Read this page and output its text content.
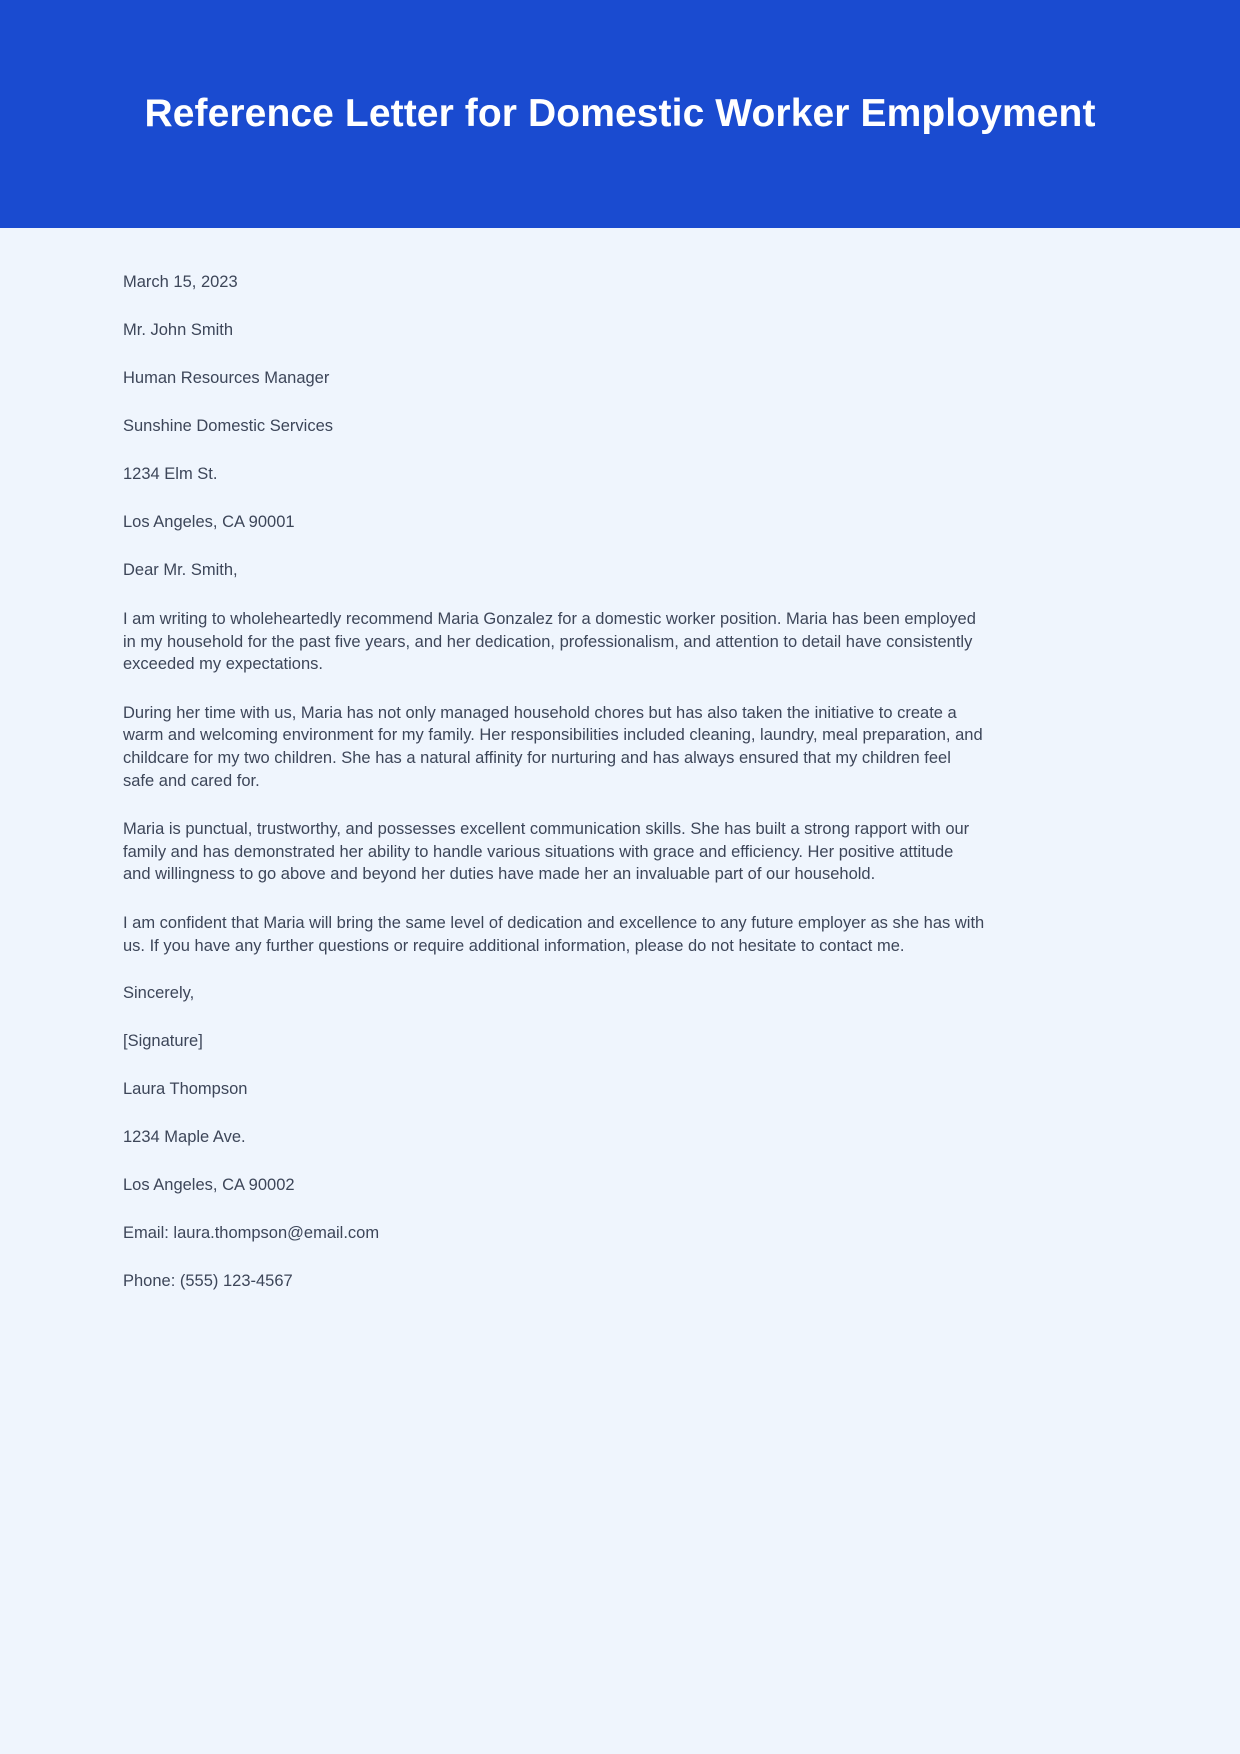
Reference Letter for Domestic Worker Employment

March 15, 2023

Mr. John Smith

Human Resources Manager

Sunshine Domestic Services

1234 Elm St.

Los Angeles, CA 90001

Dear Mr. Smith,

I am writing to wholeheartedly recommend Maria Gonzalez for a domestic worker position. Maria has been employed in my household for the past five years, and her dedication, professionalism, and attention to detail have consistently exceeded my expectations.

During her time with us, Maria has not only managed household chores but has also taken the initiative to create a warm and welcoming environment for my family. Her responsibilities included cleaning, laundry, meal preparation, and childcare for my two children. She has a natural affinity for nurturing and has always ensured that my children feel safe and cared for.

Maria is punctual, trustworthy, and possesses excellent communication skills. She has built a strong rapport with our family and has demonstrated her ability to handle various situations with grace and efficiency. Her positive attitude and willingness to go above and beyond her duties have made her an invaluable part of our household.

I am confident that Maria will bring the same level of dedication and excellence to any future employer as she has with us. If you have any further questions or require additional information, please do not hesitate to contact me.

Sincerely,

[Signature]

Laura Thompson

1234 Maple Ave.

Los Angeles, CA 90002

Email: laura.thompson@email.com

Phone: (555) 123-4567
